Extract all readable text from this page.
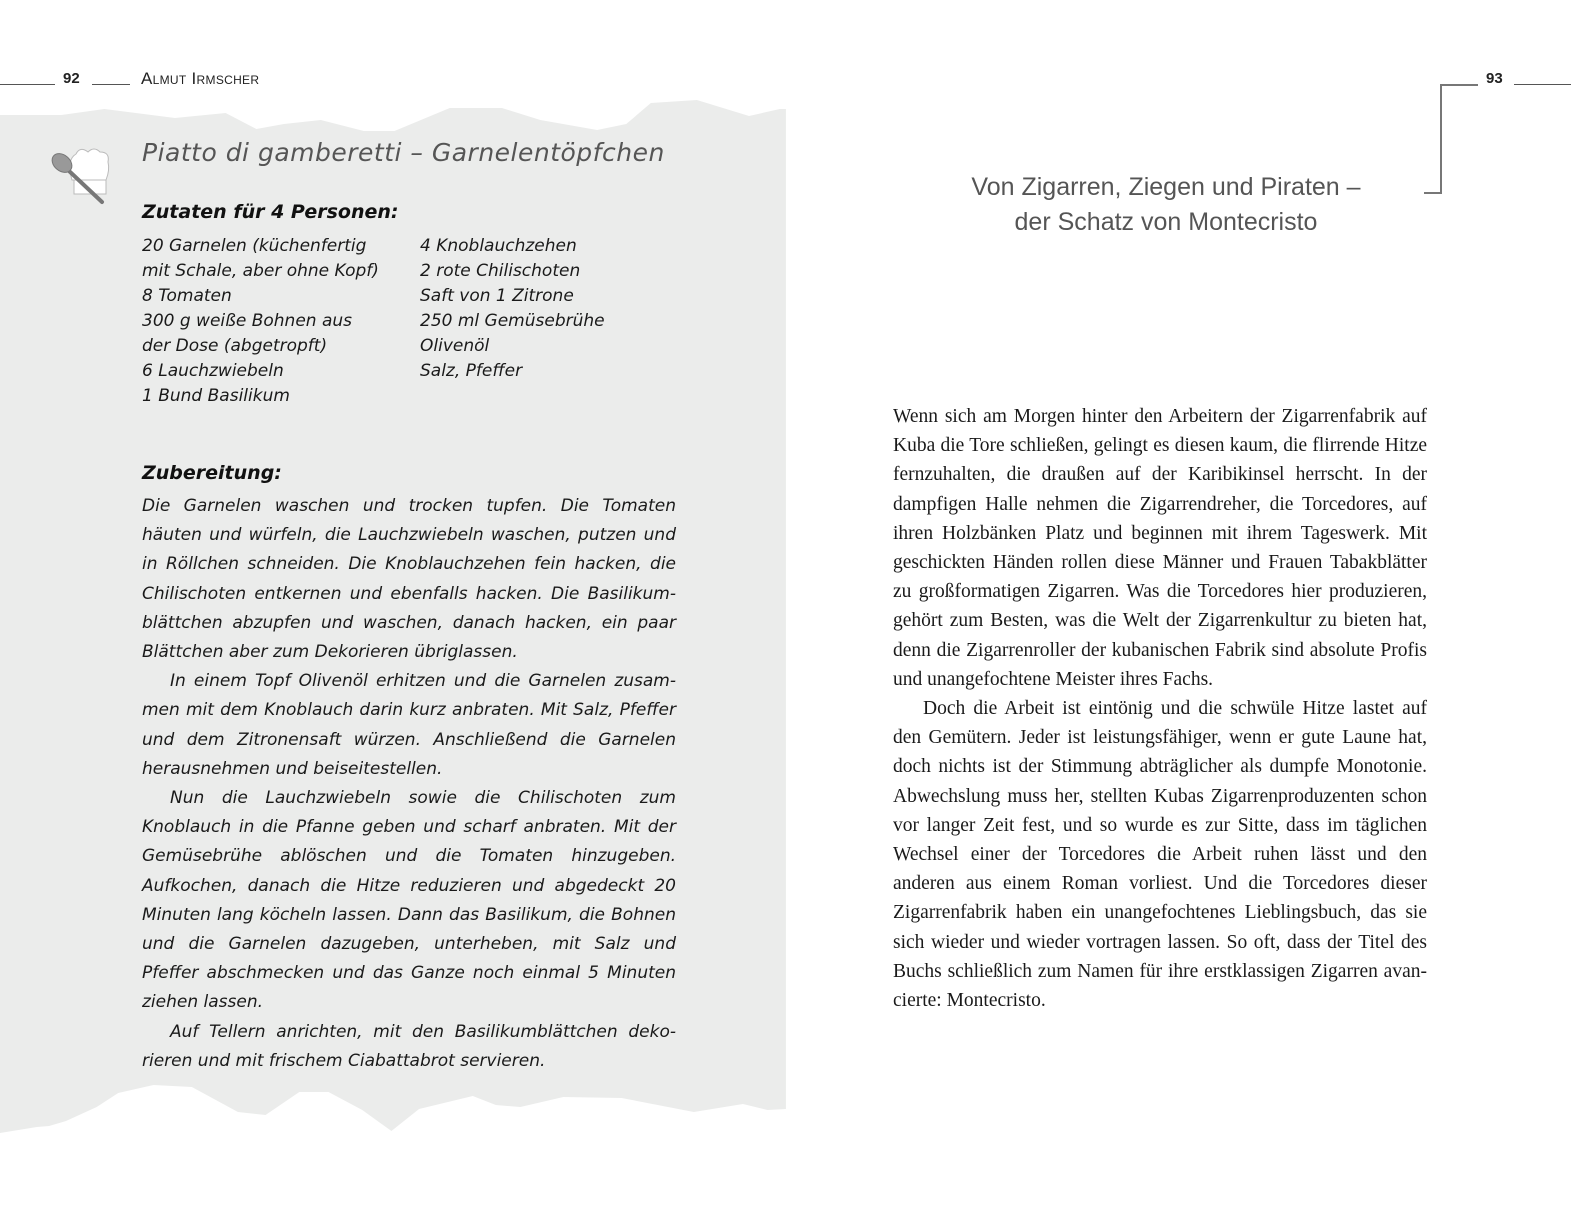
92	Almut Irmscher
Piatto di gamberetti – Garnelentöpfchen
Zutaten für 4 Personen:
20 Garnelen (küchenfertig
mit Schale, aber ohne Kopf)
8 Tomaten
300 g weiße Bohnen aus
der Dose (abgetropft)
6 Lauchzwiebeln
1 Bund Basilikum
4 Knoblauchzehen
2 rote Chilischoten
Saft von 1 Zitrone
250 ml Gemüsebrühe
Olivenöl
Salz, Pfeffer
Zubereitung:

Die Garnelen waschen und trocken tupfen. Die Tomaten häuten und würfeln, die Lauchzwiebeln waschen, putzen und in Röllchen schneiden. Die Knoblauchzehen fein hacken, die Chilischoten entkernen und ebenfalls hacken. Die Basilikumblättchen abzupfen und waschen, danach hacken, ein paar Blättchen aber zum Dekorieren übriglassen.

In einem Topf Olivenöl erhitzen und die Garnelen zusammen mit dem Knoblauch darin kurz anbraten. Mit Salz, Pfeffer und dem Zitronensaft würzen. Anschließend die Garnelen herausnehmen und beiseitestellen.

Nun die Lauchzwiebeln sowie die Chilischoten zum Knoblauch in die Pfanne geben und scharf anbraten. Mit der Gemüsebrühe ablöschen und die Tomaten hinzugeben. Aufkochen, danach die Hitze reduzieren und abgedeckt 20 Minuten lang köcheln lassen. Dann das Basilikum, die Bohnen und die Garnelen dazugeben, unterheben, mit Salz und Pfeffer abschmecken und das Ganze noch einmal 5 Minuten ziehen lassen.

Auf Tellern anrichten, mit den Basilikumblättchen dekorieren und mit frischem Ciabattabrot servieren.

93
Von Zigarren, Ziegen und Piraten –
der Schatz von Montecristo

Wenn sich am Morgen hinter den Arbeitern der Zigarrenfabrik auf Kuba die Tore schließen, gelingt es diesen kaum, die flirrende Hitze fernzuhalten, die draußen auf der Karibikinsel herrscht. In der dampfigen Halle nehmen die Zigarrendreher, die Torcedores, auf ihren Holzbänken Platz und beginnen mit ihrem Tageswerk. Mit geschickten Händen rollen diese Männer und Frauen Tabakblätter zu großformatigen Zigarren. Was die Torcedores hier produzieren, gehört zum Besten, was die Welt der Zigarrenkultur zu bieten hat, denn die Zigarrenroller der kubanischen Fabrik sind absolute Profis und unangefochtene Meister ihres Fachs.

Doch die Arbeit ist eintönig und die schwüle Hitze lastet auf den Gemütern. Jeder ist leistungsfähiger, wenn er gute Laune hat, doch nichts ist der Stimmung abträglicher als dumpfe Monotonie. Abwechslung muss her, stellten Kubas Zigarrenproduzenten schon vor langer Zeit fest, und so wurde es zur Sitte, dass im täglichen Wechsel einer der Torcedores die Arbeit ruhen lässt und den anderen aus einem Roman vorliest. Und die Torcedores dieser Zigarrenfabrik haben ein unangefochtenes Lieblingsbuch, das sie sich wieder und wieder vortragen lassen. So oft, dass der Titel des Buchs schließlich zum Namen für ihre erstklassigen Zigarren avancierte: Montecristo.
